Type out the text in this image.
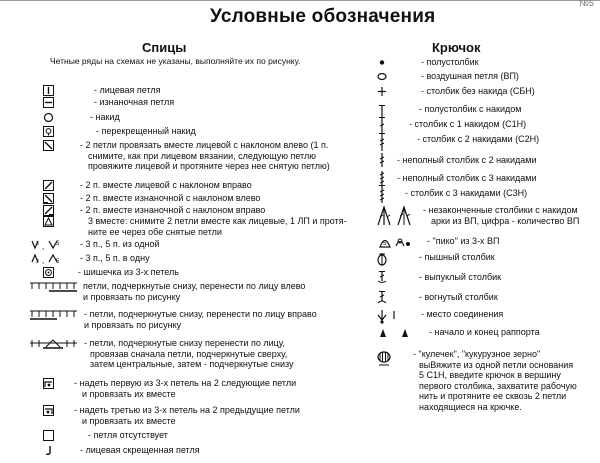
№5
Условные обозначения
Спицы	Крючок
Четные ряды на схемах не указаны, выполняйте их по рисунку.
- лицевая петля
- изнаночная петля
- накид
- перекрещенный накид
- 2 петли провязать вместе лицевой с наклоном влево (1 п.
снимите, как при лицевом вязании, следующую петлю
провяжите лицевой и протяните через нее снятую петлю)
- 2 п. вместе лицевой с наклоном вправо
- 2 п. вместе изнаночной с наклоном влево
- 2 п. вместе изнаночной с наклоном вправо
3 вместе: снимите 2 петли вместе как лицевые, 1 ЛП и протя-
ните ее через обе снятые петли
3 , 5 - 3 п., 5 п. из одной
3 , 5 - 3 п., 5 п. в одну
- шишечка из 3-х петель
петли, подчеркнутые снизу, перенести по лицу влево
и провязать по рисунку
- петли, подчеркнутые снизу, перенести по лицу вправо
и провязать по рисунку
- петли, подчеркнутые снизу перенести по лицу,
провязав сначала петли, подчеркнутые сверху,
затем центральные, затем - подчеркнутые снизу
- надеть первую из 3-х петель на 2 следующие петли
и провязать их вместе
- надеть третью из 3-х петель на 2 предыдущие петли
и провязать их вместе
- петля отсутствует
- лицевая скрещенная петля
- полустолбик
- воздушная петля (ВП)
- столбик без накида (СБН)
- полустолбик с накидом
- столбик с 1 накидом (С1Н)
- столбик с 2 накидами (С2Н)
- неполный столбик с 2 накидами
- неполный столбик с 3 накидами
- столбик с 3 накидами (С3Н)
- незаконченные столбики с накидом
арки из ВП, цифра - количество ВП
5	- "пико" из 3-х ВП
- пышный столбик
- выпуклый столбик
- вогнутый столбик
- место соединения
- начало и конец раппорта
- "кулечек", "кукурузное зерно"
выВяжите из одной петли основания
5 С1Н, введите крючок в вершину
первого столбика, захватите рабочую
нить и протяните ее сквозь 2 петли
находящиеся на крючке.
